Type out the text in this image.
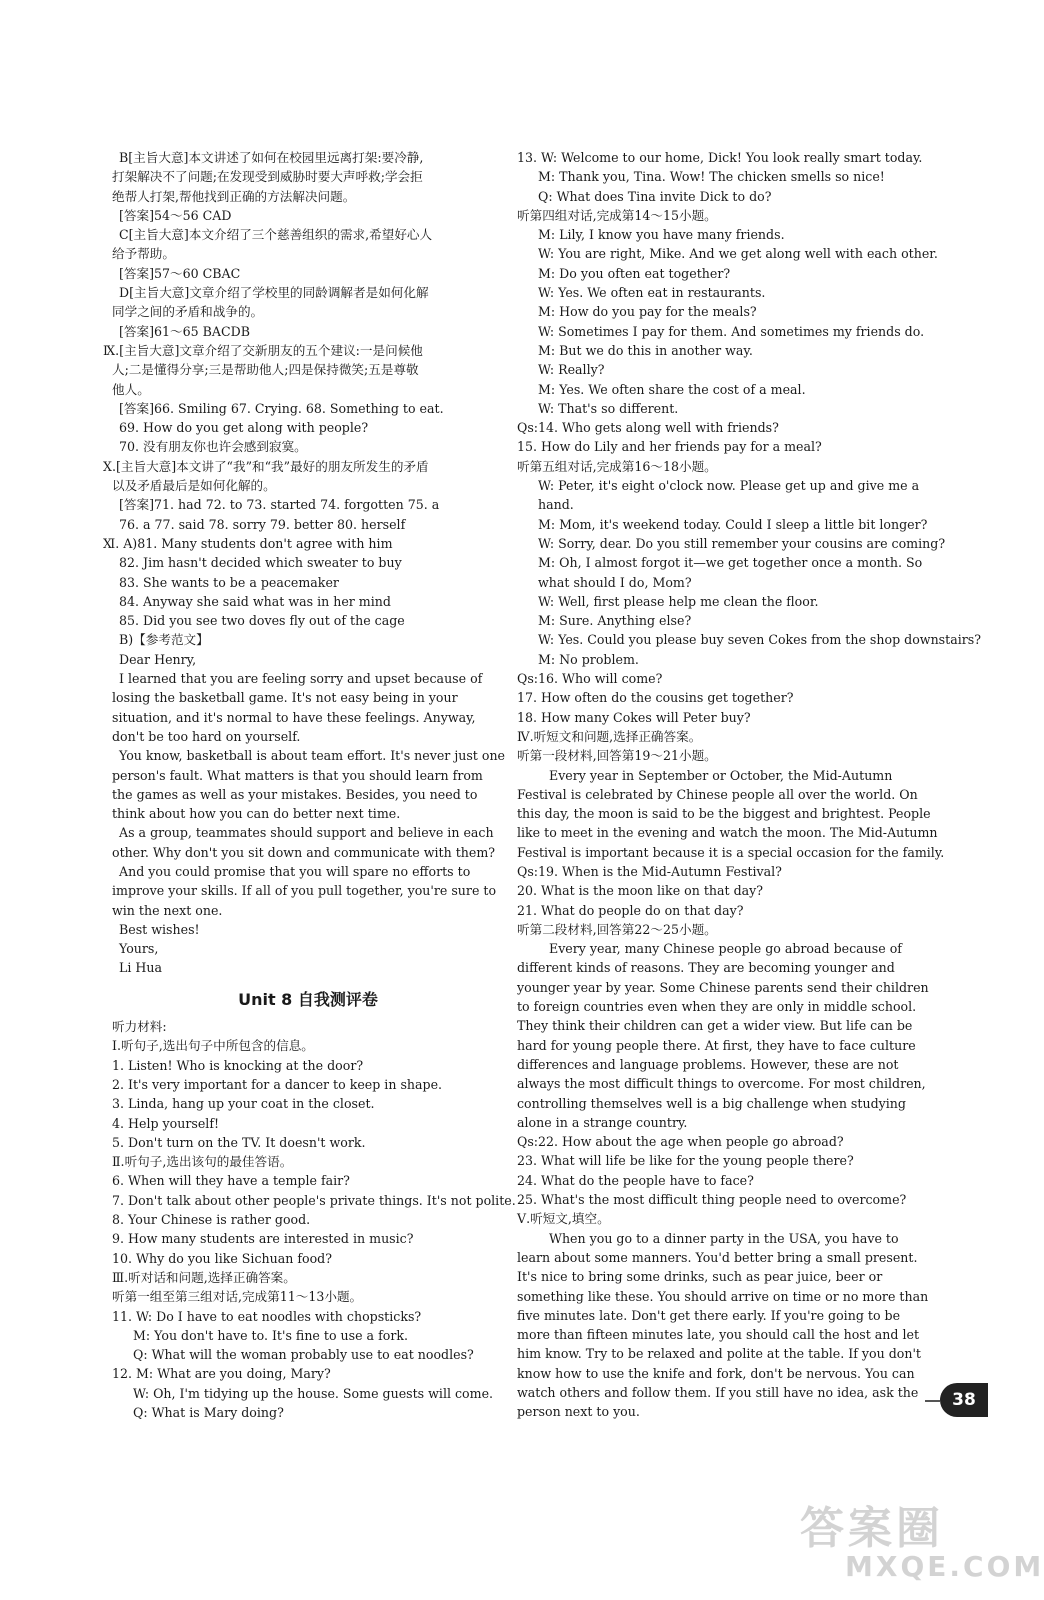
B[主旨大意]本文讲述了如何在校园里远离打架:要冷静,
打架解决不了问题;在发现受到威胁时要大声呼救;学会拒
绝帮人打架,帮他找到正确的方法解决问题。
[答案]54～56 CAD
C[主旨大意]本文介绍了三个慈善组织的需求,希望好心人
给予帮助。
[答案]57～60 CBAC
D[主旨大意]文章介绍了学校里的同龄调解者是如何化解
同学之间的矛盾和战争的。
[答案]61～65 BACDB
Ⅸ.[主旨大意]文章介绍了交新朋友的五个建议:一是问候他
人;二是懂得分享;三是帮助他人;四是保持微笑;五是尊敬
他人。
[答案]66. Smiling 67. Crying. 68. Something to eat.
69. How do you get along with people?
70. 没有朋友你也许会感到寂寞。
Ⅹ.[主旨大意]本文讲了“我”和“我”最好的朋友所发生的矛盾
以及矛盾最后是如何化解的。
[答案]71. had 72. to 73. started 74. forgotten 75. a
76. a 77. said 78. sorry 79. better 80. herself
Ⅺ. A)81. Many students don't agree with him
82. Jim hasn't decided which sweater to buy
83. She wants to be a peacemaker
84. Anyway she said what was in her mind
85. Did you see two doves fly out of the cage
B)【参考范文】
Dear Henry,
I learned that you are feeling sorry and upset because of
losing the basketball game. It's not easy being in your
situation, and it's normal to have these feelings. Anyway,
don't be too hard on yourself.
You know, basketball is about team effort. It's never just one
person's fault. What matters is that you should learn from
the games as well as your mistakes. Besides, you need to
think about how you can do better next time.
As a group, teammates should support and believe in each
other. Why don't you sit down and communicate with them?
And you could promise that you will spare no efforts to
improve your skills. If all of you pull together, you're sure to
win the next one.
Best wishes!
Yours,
Li Hua
Unit 8 自我测评卷
听力材料:
Ⅰ.听句子,选出句子中所包含的信息。
1. Listen! Who is knocking at the door?
2. It's very important for a dancer to keep in shape.
3. Linda, hang up your coat in the closet.
4. Help yourself!
5. Don't turn on the TV. It doesn't work.
Ⅱ.听句子,选出该句的最佳答语。
6. When will they have a temple fair?
7. Don't talk about other people's private things. It's not polite.
8. Your Chinese is rather good.
9. How many students are interested in music?
10. Why do you like Sichuan food?
Ⅲ.听对话和问题,选择正确答案。
听第一组至第三组对话,完成第11～13小题。
11. W: Do I have to eat noodles with chopsticks?
M: You don't have to. It's fine to use a fork.
Q: What will the woman probably use to eat noodles?
12. M: What are you doing, Mary?
W: Oh, I'm tidying up the house. Some guests will come.
Q: What is Mary doing?
13. W: Welcome to our home, Dick! You look really smart today.
M: Thank you, Tina. Wow! The chicken smells so nice!
Q: What does Tina invite Dick to do?
听第四组对话,完成第14～15小题。
M: Lily, I know you have many friends.
W: You are right, Mike. And we get along well with each other.
M: Do you often eat together?
W: Yes. We often eat in restaurants.
M: How do you pay for the meals?
W: Sometimes I pay for them. And sometimes my friends do.
M: But we do this in another way.
W: Really?
M: Yes. We often share the cost of a meal.
W: That's so different.
Qs:14. Who gets along well with friends?
15. How do Lily and her friends pay for a meal?
听第五组对话,完成第16～18小题。
W: Peter, it's eight o'clock now. Please get up and give me a
hand.
M: Mom, it's weekend today. Could I sleep a little bit longer?
W: Sorry, dear. Do you still remember your cousins are coming?
M: Oh, I almost forgot it—we get together once a month. So
what should I do, Mom?
W: Well, first please help me clean the floor.
M: Sure. Anything else?
W: Yes. Could you please buy seven Cokes from the shop downstairs?
M: No problem.
Qs:16. Who will come?
17. How often do the cousins get together?
18. How many Cokes will Peter buy?
Ⅳ.听短文和问题,选择正确答案。
听第一段材料,回答第19～21小题。
Every year in September or October, the Mid-Autumn
Festival is celebrated by Chinese people all over the world. On
this day, the moon is said to be the biggest and brightest. People
like to meet in the evening and watch the moon. The Mid-Autumn
Festival is important because it is a special occasion for the family.
Qs:19. When is the Mid-Autumn Festival?
20. What is the moon like on that day?
21. What do people do on that day?
听第二段材料,回答第22～25小题。
Every year, many Chinese people go abroad because of
different kinds of reasons. They are becoming younger and
younger year by year. Some Chinese parents send their children
to foreign countries even when they are only in middle school.
They think their children can get a wider view. But life can be
hard for young people there. At first, they have to face culture
differences and language problems. However, these are not
always the most difficult things to overcome. For most children,
controlling themselves well is a big challenge when studying
alone in a strange country.
Qs:22. How about the age when people go abroad?
23. What will life be like for the young people there?
24. What do the people have to face?
25. What's the most difficult thing people need to overcome?
Ⅴ.听短文,填空。
When you go to a dinner party in the USA, you have to
learn about some manners. You'd better bring a small present.
It's nice to bring some drinks, such as pear juice, beer or
something like these. You should arrive on time or no more than
five minutes late. Don't get there early. If you're going to be
more than fifteen minutes late, you should call the host and let
him know. Try to be relaxed and polite at the table. If you don't
know how to use the knife and fork, don't be nervous. You can
watch others and follow them. If you still have no idea, ask the
person next to you.
38
答案圈
MXQE.COM
